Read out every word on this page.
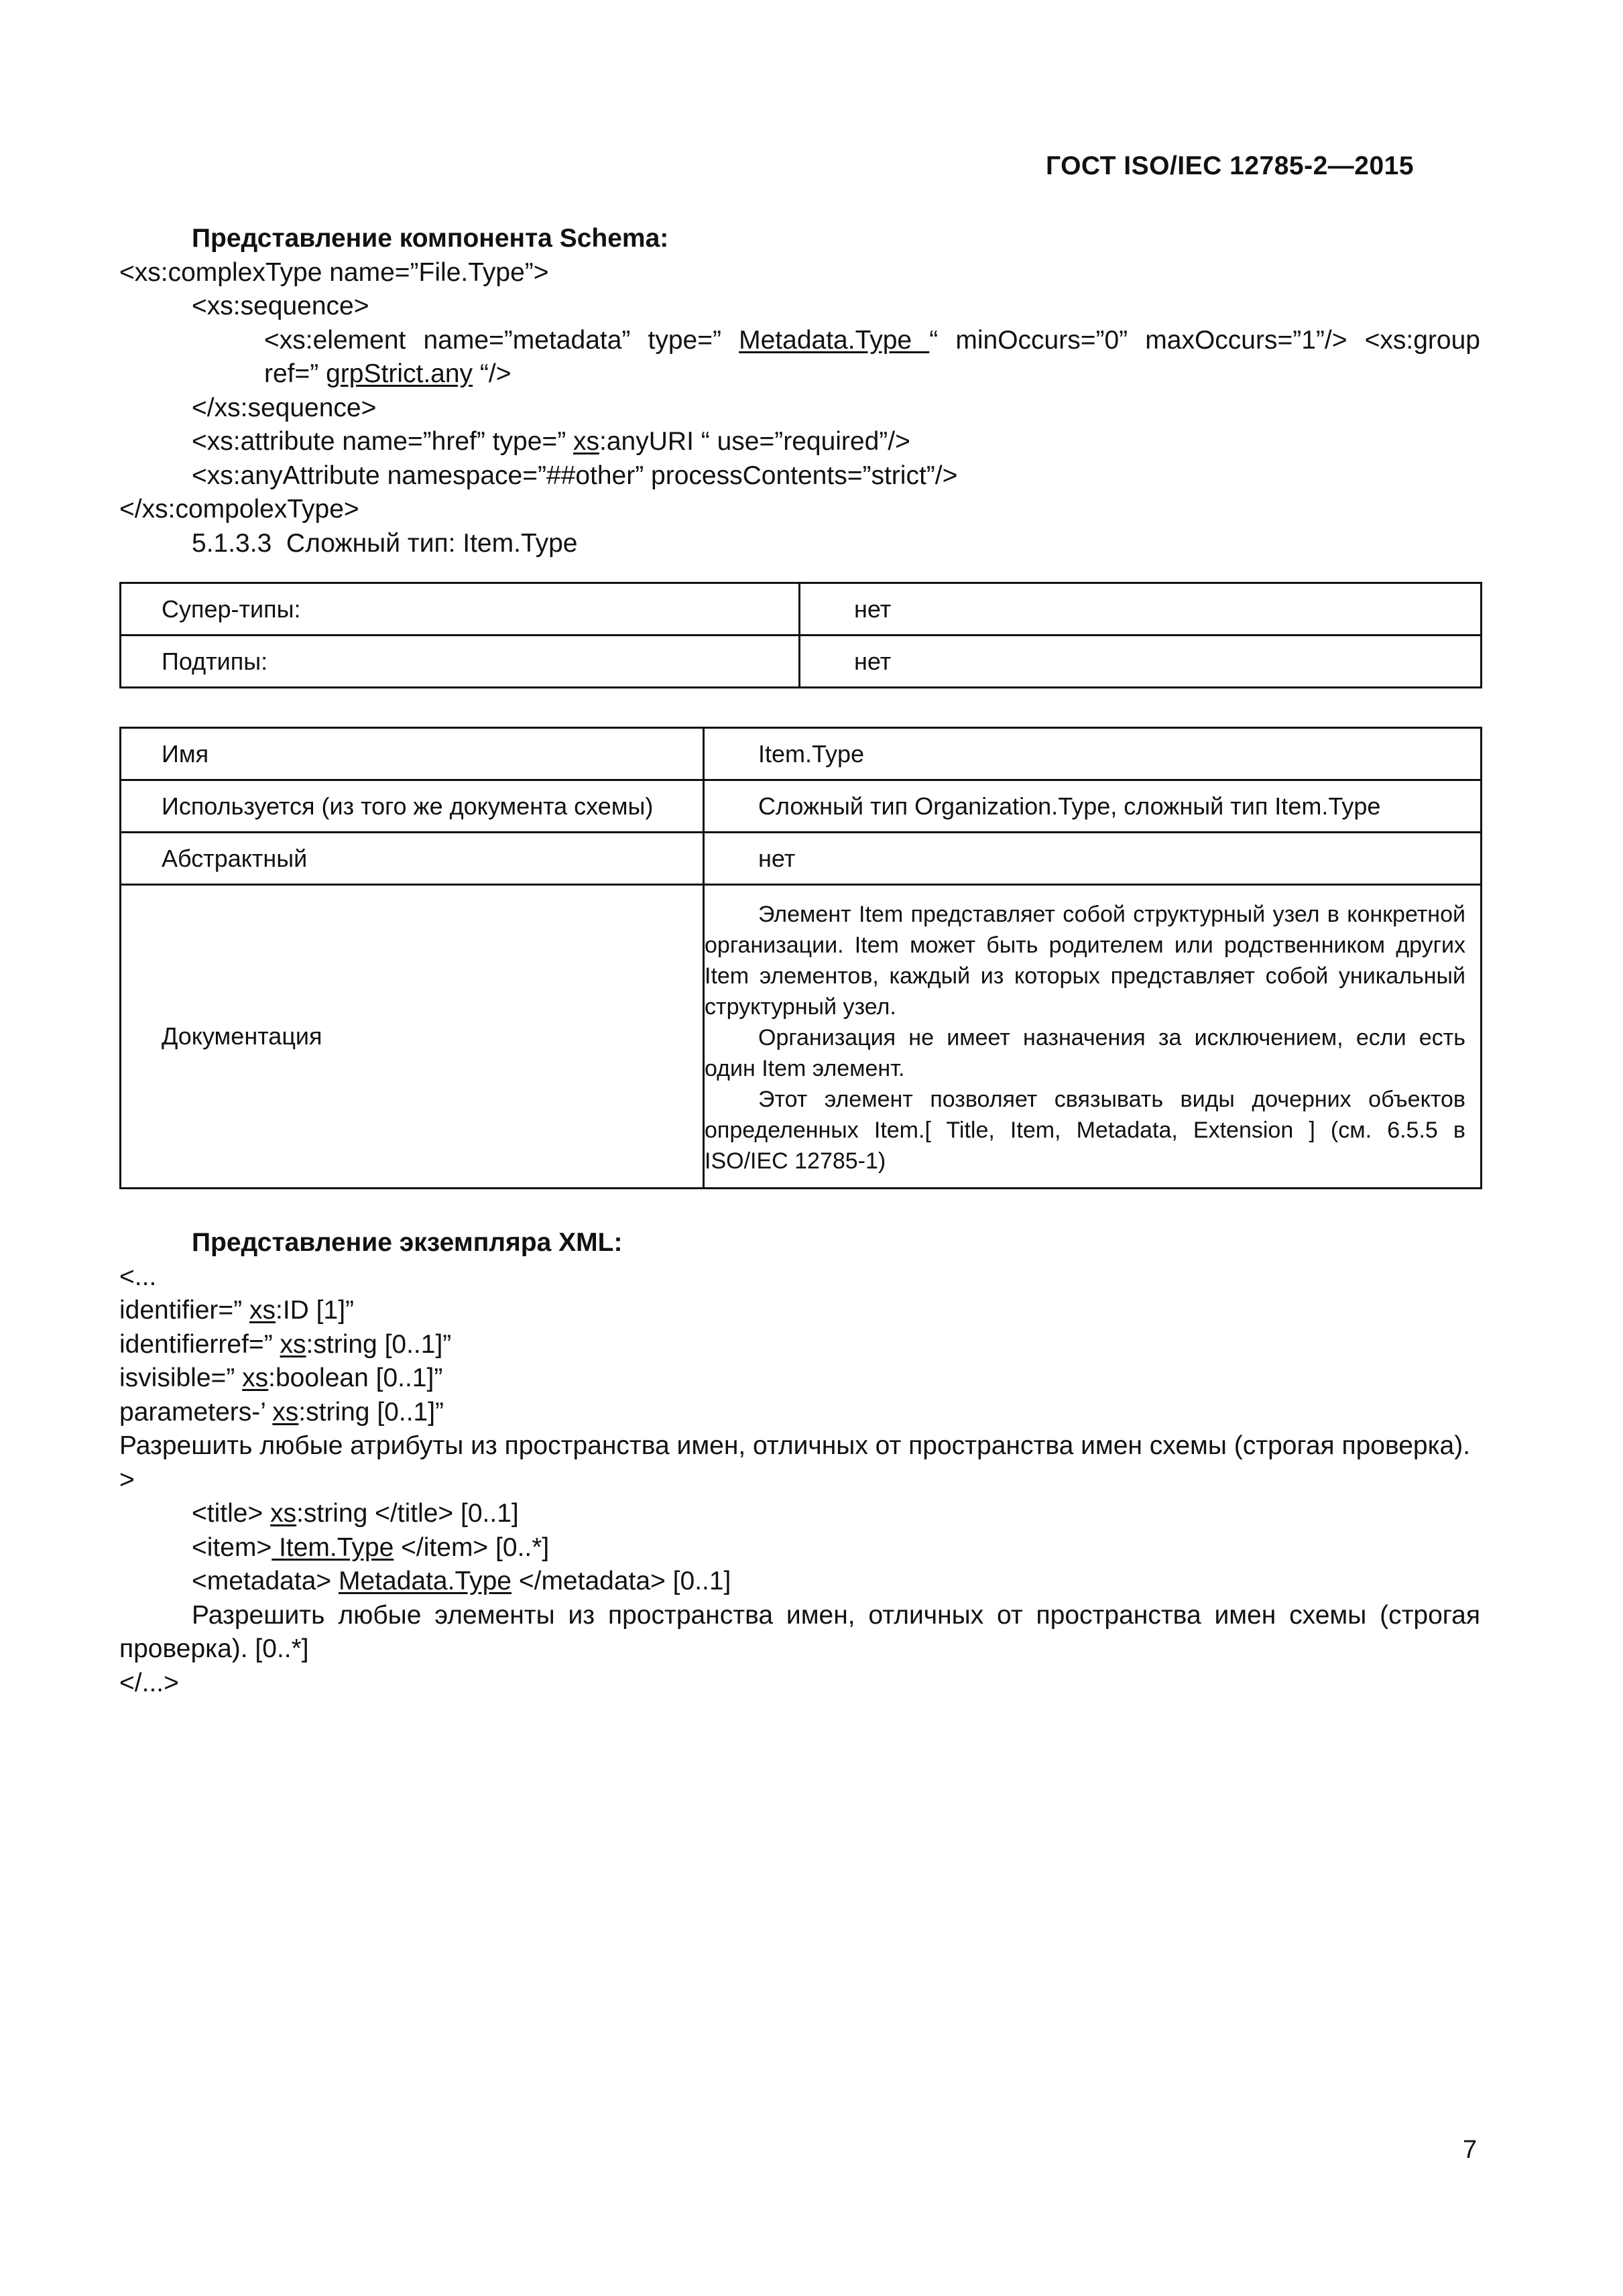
ГОСТ ISO/IEC 12785-2—2015
Представление компонента Schema:
<xs:complexType name=”File.Type”>
<xs:sequence>
<xs:element name=”metadata” type=” Metadata.Type “ minOccurs=”0” maxOccurs=”1”/> <xs:group
ref=” grpStrict.any “/>
</xs:sequence>
<xs:attribute name=”href” type=” xs:anyURI “ use=”required”/>
<xs:anyAttribute namespace=”##other” processContents=”strict”/>
</xs:compolexType>
5.1.3.3  Сложный тип: Item.Type
Супер-типы:	нет
Подтипы:	нет
Имя	Item.Type
Используется (из того же документа схемы)	Сложный тип Organization.Type, сложный тип Item.Type
Абстрактный	нет
Документация	Элемент Item представляет собой структурный узел в конкретной организации. Item может быть родителем или родственником других Item элементов, каждый из которых представляет собой уникальный структурный узел.
Организация не имеет назначения за исключением, если есть один Item элемент.
Этот элемент позволяет связывать виды дочерних объектов определенных Item.[ Title, Item, Metadata, Extension ] (см. 6.5.5 в ISO/IEC 12785-1)
Представление экземпляра XML:
<...
identifier=” xs:ID [1]”
identifierref=” xs:string [0..1]”
isvisible=” xs:boolean [0..1]”
parameters-’ xs:string [0..1]”
Разрешить любые атрибуты из пространства имен, отличных от пространства имен схемы (строгая проверка).
>
<title> xs:string </title> [0..1]
<item> Item.Type </item> [0..*]
<metadata> Metadata.Type </metadata> [0..1]
Разрешить любые элементы из пространства имен, отличных от пространства имен схемы (строгая проверка). [0..*]
</...>
7
